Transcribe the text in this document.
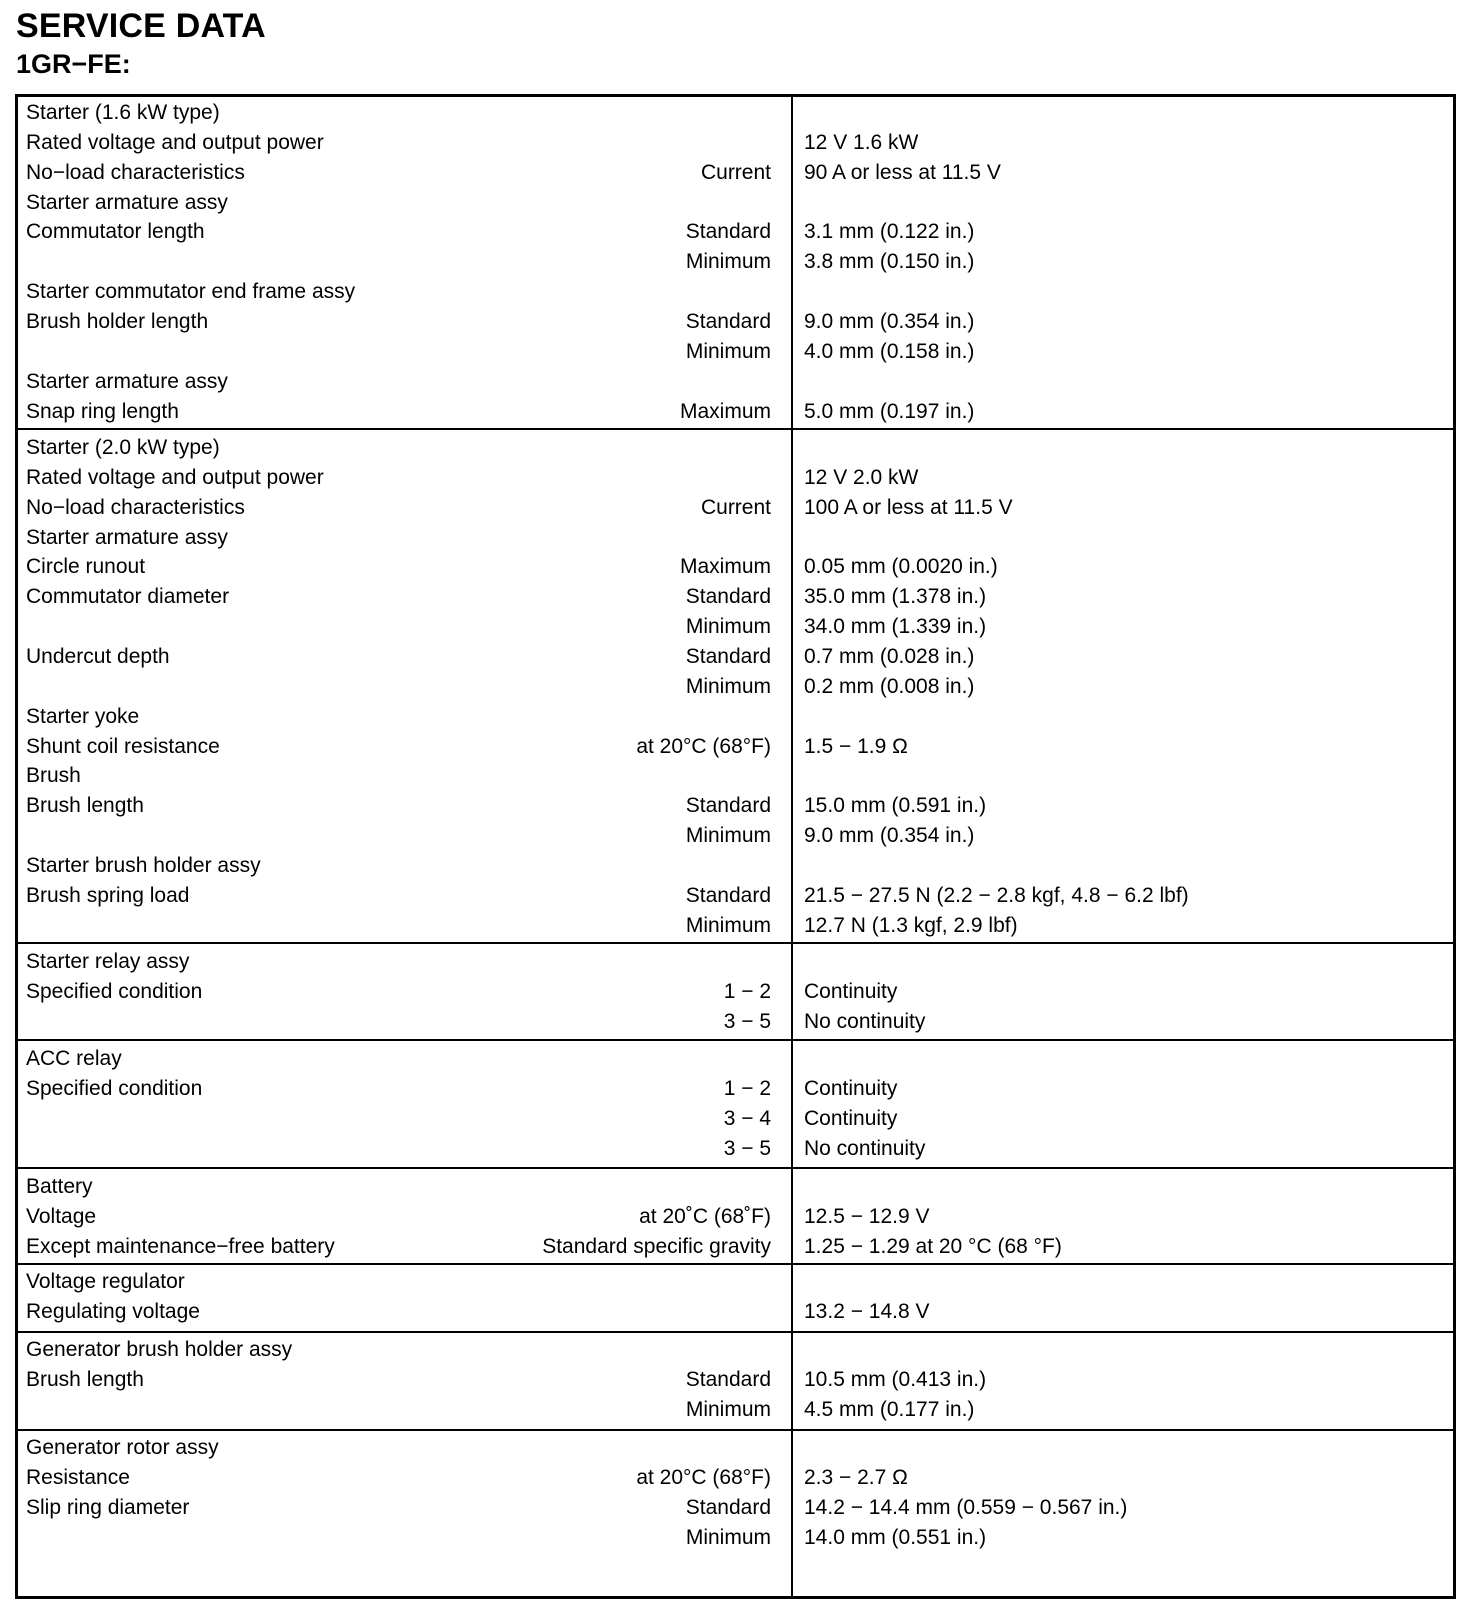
SERVICE DATA
1GR−FE:
Starter (1.6 kW type)
Rated voltage and output power	12 V 1.6 kW
No−load characteristics	Current 90 A or less at 11.5 V
Starter armature assy
Commutator length	Standard 3.1 mm (0.122 in.)
Minimum 3.8 mm (0.150 in.)
Starter commutator end frame assy
Brush holder length	Standard 9.0 mm (0.354 in.)
Minimum 4.0 mm (0.158 in.)
Starter armature assy
Snap ring length	Maximum 5.0 mm (0.197 in.)
Starter (2.0 kW type)
Rated voltage and output power	12 V 2.0 kW
No−load characteristics	Current 100 A or less at 11.5 V
Starter armature assy
Circle runout	Maximum 0.05 mm (0.0020 in.)
Commutator diameter	Standard 35.0 mm (1.378 in.)
Minimum 34.0 mm (1.339 in.)
Undercut depth	Standard 0.7 mm (0.028 in.)
Minimum 0.2 mm (0.008 in.)
Starter yoke
Shunt coil resistance	at 20°C (68°F) 1.5 − 1.9 Ω
Brush
Brush length	Standard 15.0 mm (0.591 in.)
Minimum 9.0 mm (0.354 in.)
Starter brush holder assy
Brush spring load	Standard 21.5 − 27.5 N (2.2 − 2.8 kgf, 4.8 − 6.2 lbf)
Minimum 12.7 N (1.3 kgf, 2.9 lbf)
Starter relay assy
Specified condition	1 − 2 Continuity
3 − 5 No continuity
ACC relay
Specified condition	1 − 2 Continuity
3 − 4 Continuity
3 − 5 No continuity
Battery
Voltage	at 20˚C (68˚F) 12.5 − 12.9 V
Except maintenance−free battery	Standard specific gravity 1.25 − 1.29 at 20 °C (68 °F)
Voltage regulator
Regulating voltage	13.2 − 14.8 V
Generator brush holder assy
Brush length	Standard 10.5 mm (0.413 in.)
Minimum 4.5 mm (0.177 in.)
Generator rotor assy
Resistance	at 20°C (68°F) 2.3 − 2.7 Ω
Slip ring diameter	Standard 14.2 − 14.4 mm (0.559 − 0.567 in.)
Minimum 14.0 mm (0.551 in.)
